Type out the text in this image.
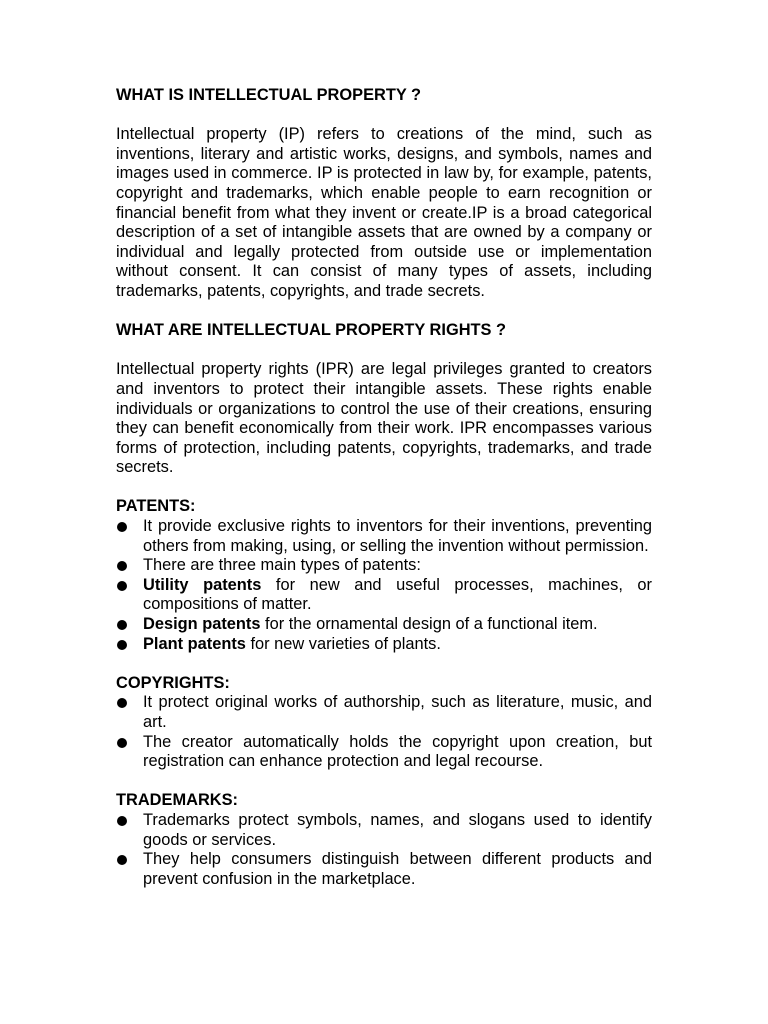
WHAT IS INTELLECTUAL PROPERTY ?

Intellectual property (IP) refers to creations of the mind, such as inventions, literary and artistic works, designs, and symbols, names and images used in commerce. IP is protected in law by, for example, patents, copyright and trademarks, which enable people to earn recognition or financial benefit from what they invent or create.IP is a broad categorical description of a set of intangible assets that are owned by a company or individual and legally protected from outside use or implementation without consent. It can consist of many types of assets, including trademarks, patents, copyrights, and trade secrets.

WHAT ARE INTELLECTUAL PROPERTY RIGHTS ?

Intellectual property rights (IPR) are legal privileges granted to creators and inventors to protect their intangible assets. These rights enable individuals or organizations to control the use of their creations, ensuring they can benefit economically from their work. IPR encompasses various forms of protection, including patents, copyrights, trademarks, and trade secrets.

PATENTS:

It provide exclusive rights to inventors for their inventions, preventing others from making, using, or selling the invention without permission.
There are three main types of patents:
Utility patents for new and useful processes, machines, or compositions of matter.
Design patents for the ornamental design of a functional item.
Plant patents for new varieties of plants.

COPYRIGHTS:

It protect original works of authorship, such as literature, music, and art.
The creator automatically holds the copyright upon creation, but registration can enhance protection and legal recourse.

TRADEMARKS:

Trademarks protect symbols, names, and slogans used to identify goods or services.
They help consumers distinguish between different products and prevent confusion in the marketplace.
